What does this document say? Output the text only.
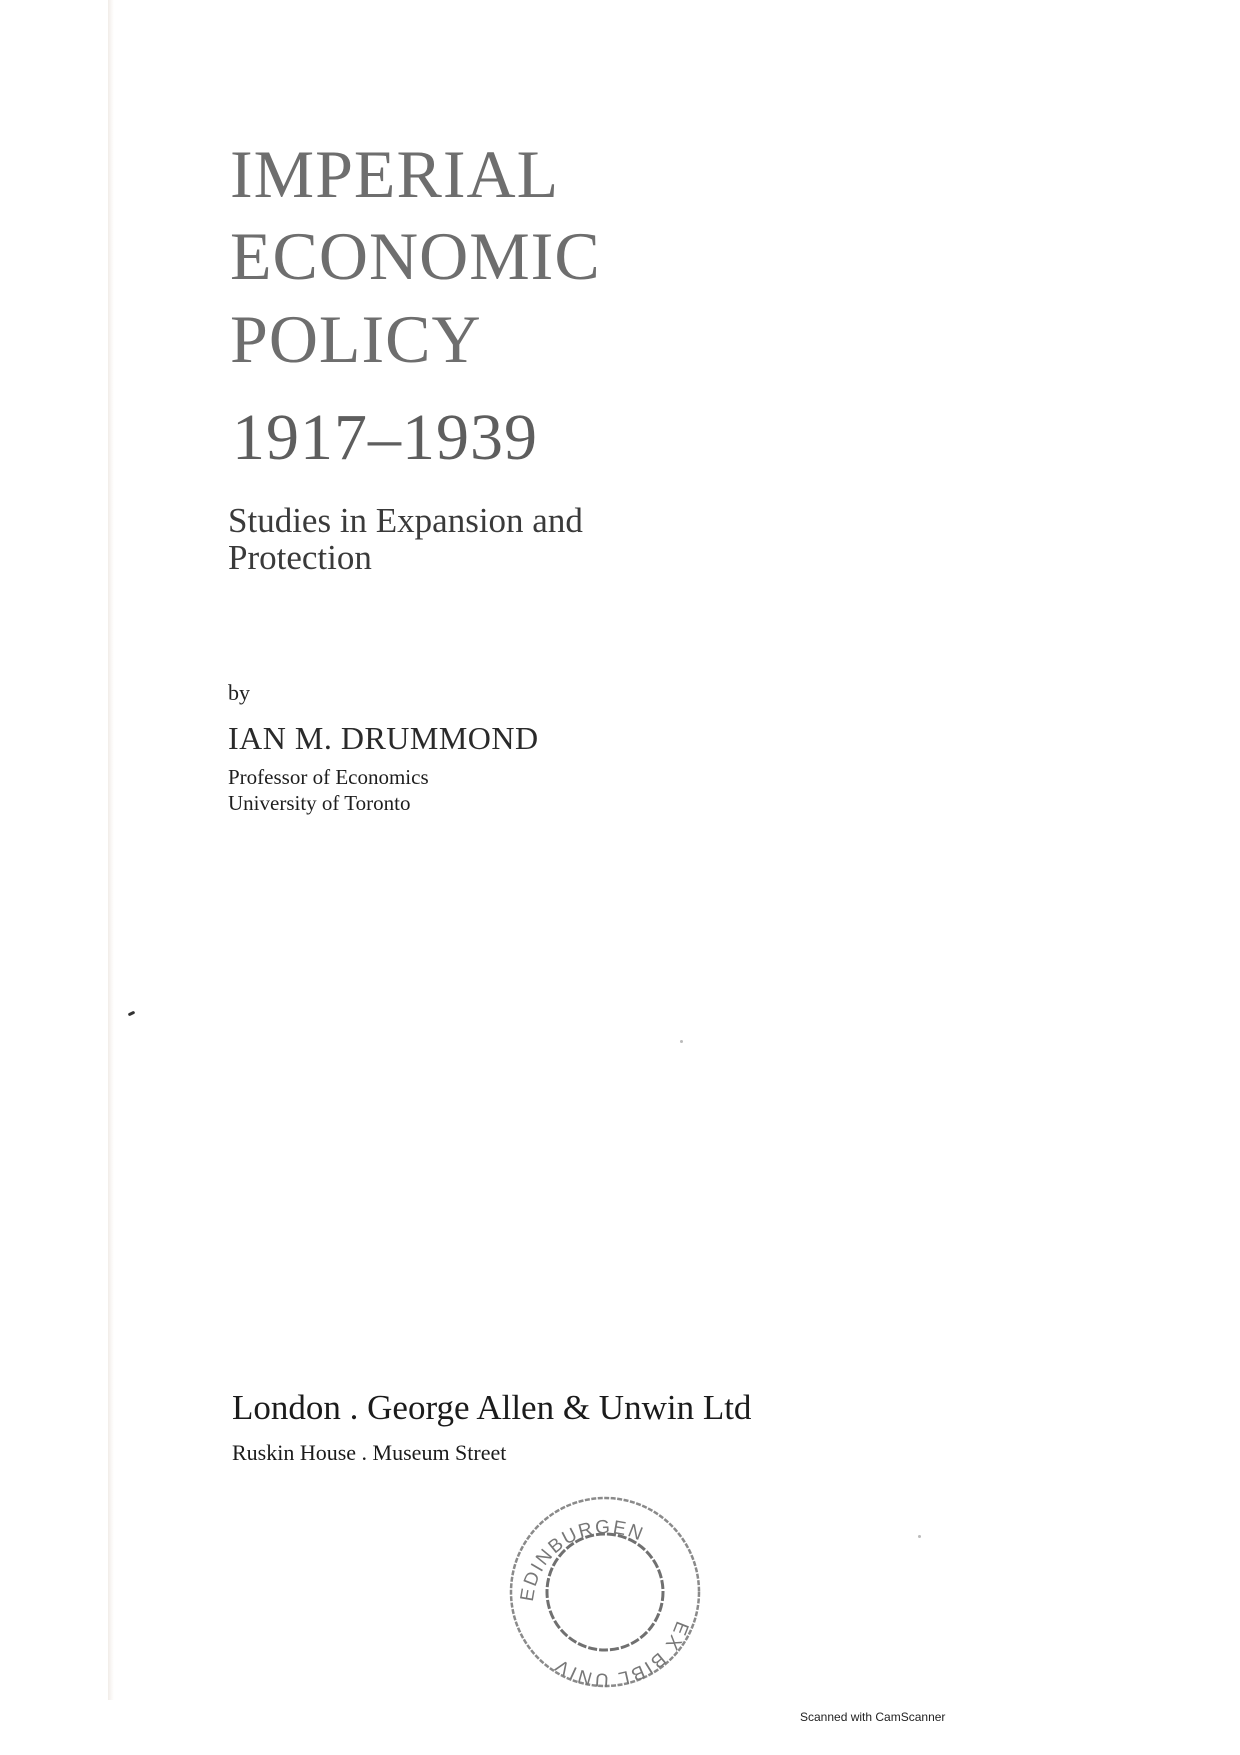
IMPERIAL
ECONOMIC
POLICY
1917–1939
Studies in Expansion and
Protection
by
IAN M. DRUMMOND
Professor of Economics
University of Toronto
London . George Allen & Unwin Ltd
Ruskin House . Museum Street
EDINBURGEN
EX BIBL UNIV
Scanned with CamScanner
